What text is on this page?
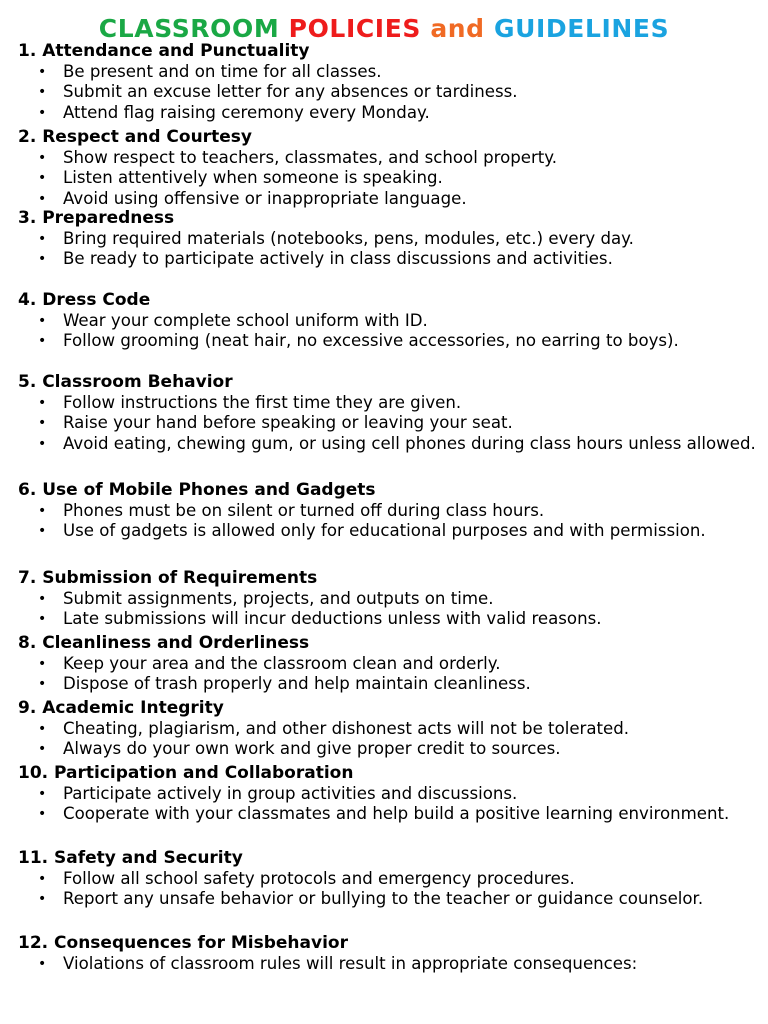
CLASSROOM POLICIES and GUIDELINES
1. Attendance and Punctuality
• Be present and on time for all classes.
• Submit an excuse letter for any absences or tardiness.
• Attend flag raising ceremony every Monday.
2. Respect and Courtesy
• Show respect to teachers, classmates, and school property.
• Listen attentively when someone is speaking.
• Avoid using offensive or inappropriate language.
3. Preparedness
• Bring required materials (notebooks, pens, modules, etc.) every day.
• Be ready to participate actively in class discussions and activities.
4. Dress Code
• Wear your complete school uniform with ID.
• Follow grooming (neat hair, no excessive accessories, no earring to boys).
5. Classroom Behavior
• Follow instructions the first time they are given.
• Raise your hand before speaking or leaving your seat.
• Avoid eating, chewing gum, or using cell phones during class hours unless allowed.
6. Use of Mobile Phones and Gadgets
• Phones must be on silent or turned off during class hours.
• Use of gadgets is allowed only for educational purposes and with permission.
7. Submission of Requirements
• Submit assignments, projects, and outputs on time.
• Late submissions will incur deductions unless with valid reasons.
8. Cleanliness and Orderliness
• Keep your area and the classroom clean and orderly.
• Dispose of trash properly and help maintain cleanliness.
9. Academic Integrity
• Cheating, plagiarism, and other dishonest acts will not be tolerated.
• Always do your own work and give proper credit to sources.
10. Participation and Collaboration
• Participate actively in group activities and discussions.
• Cooperate with your classmates and help build a positive learning environment.
11. Safety and Security
• Follow all school safety protocols and emergency procedures.
• Report any unsafe behavior or bullying to the teacher or guidance counselor.
12. Consequences for Misbehavior
• Violations of classroom rules will result in appropriate consequences:
